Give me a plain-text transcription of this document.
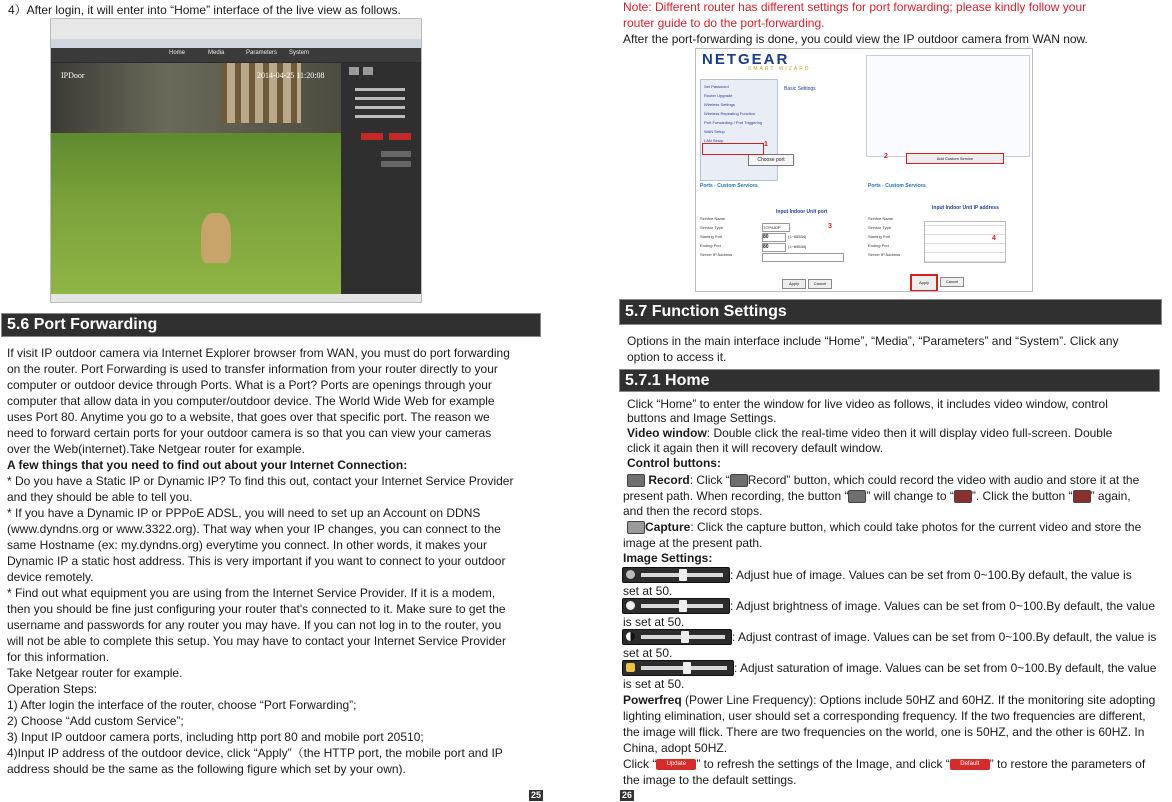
4）After login, it will enter into “Home” interface of the live view as follows.
Home	Media	Parameters System
IPDoor	2014-04-25 11:20:08
5.6 Port Forwarding
If visit IP outdoor camera via Internet Explorer browser from WAN, you must do port forwarding
on the router. Port Forwarding is used to transfer information from your router directly to your
computer or outdoor device through Ports. What is a Port? Ports are openings through your
computer that allow data in you computer/outdoor device. The World Wide Web for example
uses Port 80. Anytime you go to a website, that goes over that specific port. The reason we
need to forward certain ports for your outdoor camera is so that you can view your cameras
over the Web(internet).Take Netgear router for example.
A few things that you need to find out about your Internet Connection:
* Do you have a Static IP or Dynamic IP? To find this out, contact your Internet Service Provider
and they should be able to tell you.
* If you have a Dynamic IP or PPPoE ADSL, you will need to set up an Account on DDNS
(www.dyndns.org or www.3322.org). That way when your IP changes, you can connect to the
same Hostname (ex: my.dyndns.org) everytime you connect. In other words, it makes your
Dynamic IP a static host address. This is very important if you want to connect to your outdoor
device remotely.
* Find out what equipment you are using from the Internet Service Provider. If it is a modem,
then you should be fine just configuring your router that's connected to it. Make sure to get the
username and passwords for any router you may have. If you can not log in to the router, you
will not be able to complete this setup. You may have to contact your Internet Service Provider
for this information.
Take Netgear router for example.
Operation Steps:
1) After login the interface of the router, choose “Port Forwarding”;
2) Choose “Add custom Service”;
3) Input IP outdoor camera ports, including http port 80 and mobile port 20510;
4)Input IP address of the outdoor device, click “Apply”（the HTTP port, the mobile port and IP
address should be the same as the following figure which set by your own).
25
Note: Different router has different settings for port forwarding; please kindly follow your
router guide to do the port-forwarding.
After the port-forwarding is done, you could view the IP outdoor camera from WAN now.
NETGEAR
SMART WIZARD
Set Password
Router Upgrade
Wireless Settings
Wireless Repeating Function
Port Forwarding / Port Triggering
WAN Setup
LAN Setup
Basic Settings
Choose port
1
Add Custom Service
2
Ports - Custom Services	Ports - Custom Services
Input Indoor Unit port
Input Indoor Unit IP address
Service Name
Service Type
Starting Port
Ending Port
Server IP Address
Service Name
Service Type
Starting Port
Ending Port
Server IP Address
TCP/UDP
80
80
(1~65534)
(1~65534)
3
4
Apply	Cancel	Apply	Cancel
5.7 Function Settings
Options in the main interface include “Home”, “Media”, “Parameters” and “System”. Click any
option to access it.
5.7.1 Home
Click “Home” to enter the window for live video as follows, it includes video window, control
buttons and Image Settings.
Video window: Double click the real-time video then it will display video full-screen. Double
click it again then it will recovery default window.
Control buttons:
Record: Click “ Record” button, which could record the video with audio and store it at the
present path. When recording, the button “ ” will change to “ ”. Click the button “ ” again,
and then the record stops.
Capture: Click the capture button, which could take photos for the current video and store the
image at the present path.
Image Settings:
: Adjust hue of image. Values can be set from 0~100.By default, the value is
set at 50.
: Adjust brightness of image. Values can be set from 0~100.By default, the value
is set at 50.
: Adjust contrast of image. Values can be set from 0~100.By default, the value is
set at 50.
: Adjust saturation of image. Values can be set from 0~100.By default, the value
is set at 50.
Powerfreq (Power Line Frequency): Options include 50HZ and 60HZ. If the monitoring site adopting
lighting elimination, user should set a corresponding frequency. If the two frequencies are different,
the image will flick. There are two frequencies on the world, one is 50HZ, and the other is 60HZ. In
China, adopt 50HZ.
Click “ Update ” to refresh the settings of the Image, and click “ Default ” to restore the parameters of
the image to the default settings.
26
